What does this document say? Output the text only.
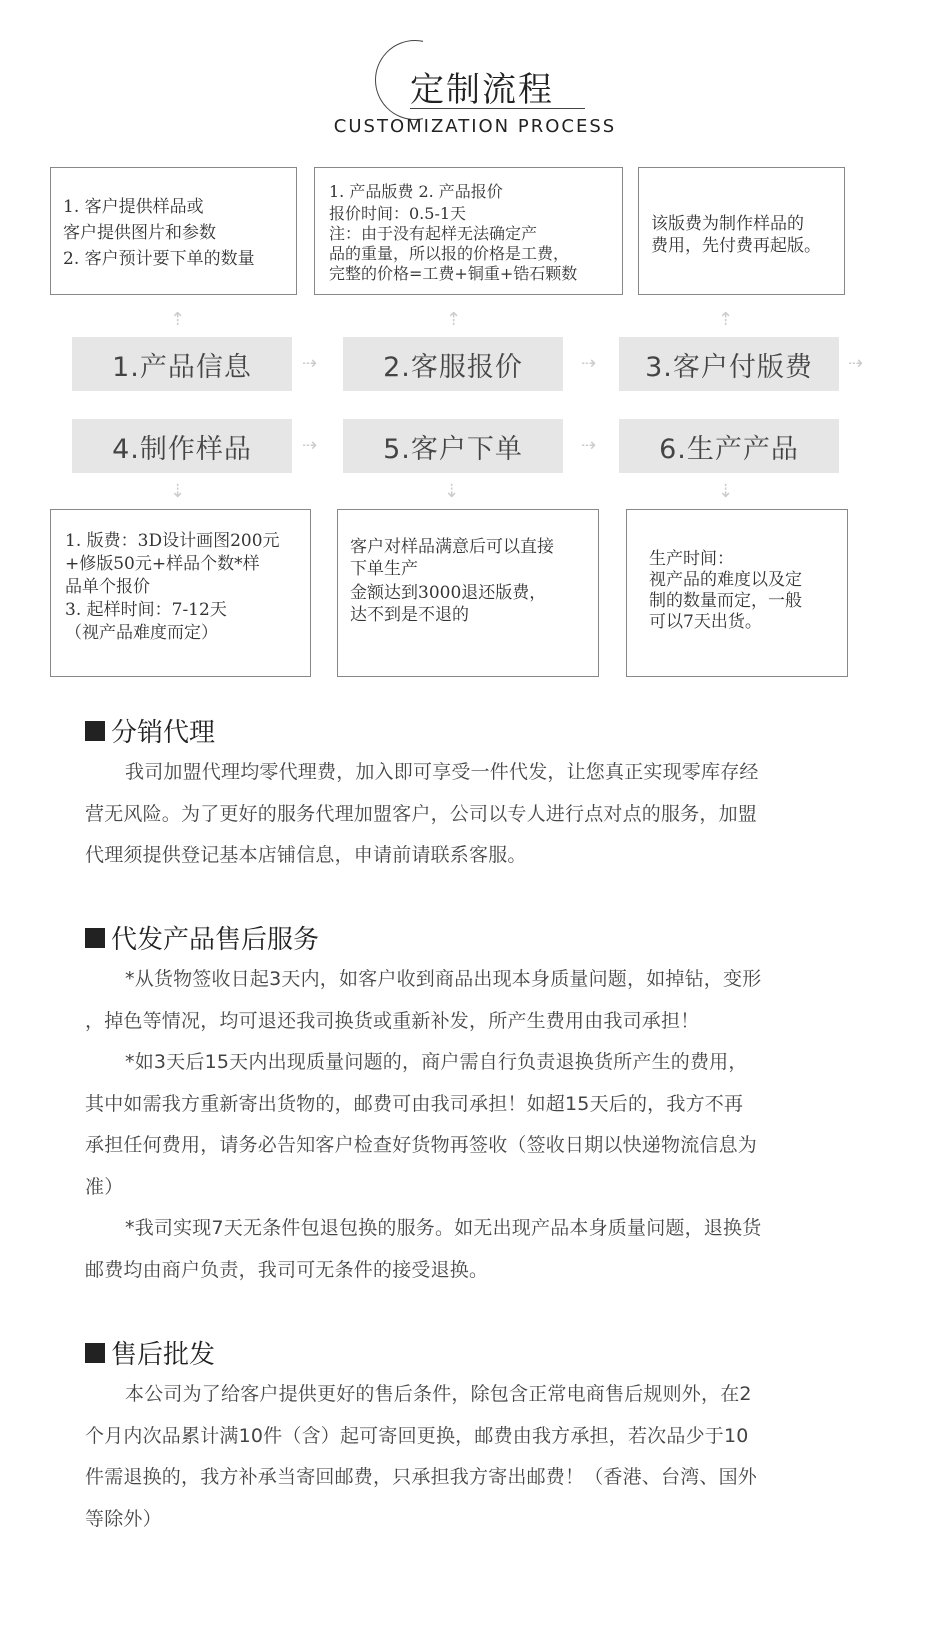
定制流程
CUSTOMIZATION PROCESS
1. 客户提供样品或
客户提供图片和参数
2. 客户预计要下单的数量
1. 产品版费 2. 产品报价
报价时间：0.5-1天
注：由于没有起样无法确定产
品的重量，所以报的价格是工费，
完整的价格=工费+铜重+锆石颗数
该版费为制作样品的
费用，先付费再起版。
⇡	⇡	⇡
1.产品信息	⇢	2.客服报价	⇢	3.客户付版费	⇢
4.制作样品	⇢	5.客户下单	⇢	6.生产产品
⇣	⇣	⇣
1. 版费：3D设计画图200元
+修版50元+样品个数*样
品单个报价
3. 起样时间：7-12天
（视产品难度而定）
客户对样品满意后可以直接
下单生产
金额达到3000退还版费，
达不到是不退的
生产时间：
视产品的难度以及定
制的数量而定，一般
可以7天出货。
分销代理
我司加盟代理均零代理费，加入即可享受一件代发，让您真正实现零库存经
营无风险。为了更好的服务代理加盟客户，公司以专人进行点对点的服务，加盟
代理须提供登记基本店铺信息，申请前请联系客服。
代发产品售后服务
*从货物签收日起3天内，如客户收到商品出现本身质量问题，如掉钻，变形
，掉色等情况，均可退还我司换货或重新补发，所产生费用由我司承担！
*如3天后15天内出现质量问题的，商户需自行负责退换货所产生的费用，
其中如需我方重新寄出货物的，邮费可由我司承担！如超15天后的，我方不再
承担任何费用，请务必告知客户检查好货物再签收（签收日期以快递物流信息为
准）
*我司实现7天无条件包退包换的服务。如无出现产品本身质量问题，退换货
邮费均由商户负责，我司可无条件的接受退换。
售后批发
本公司为了给客户提供更好的售后条件，除包含正常电商售后规则外，在2
个月内次品累计满10件（含）起可寄回更换，邮费由我方承担，若次品少于10
件需退换的，我方补承当寄回邮费，只承担我方寄出邮费！（香港、台湾、国外
等除外）
